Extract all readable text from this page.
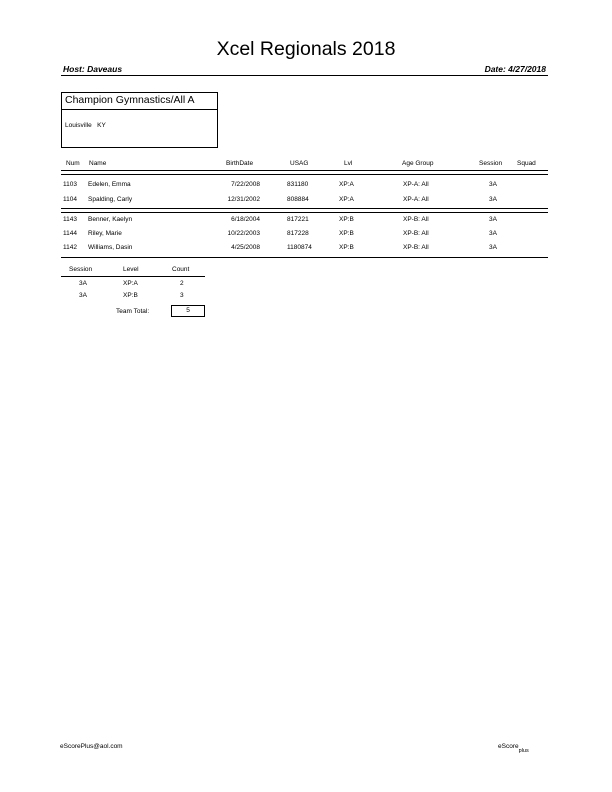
Xcel Regionals 2018
Host: Daveaus	Date: 4/27/2018
Champion Gymnastics/All A
Louisville KY
Num Name	BirthDate	USAG	Lvl	Age Group	Session Squad
1103 Edelen, Emma	7/22/2008	831180	XP:A	XP-A: All	3A
1104 Spalding, Carly	12/31/2002	808884	XP:A	XP-A: All	3A
1143 Benner, Kaelyn	6/18/2004	817221	XP:B	XP-B: All	3A
1144 Riley, Marie	10/22/2003	817228	XP:B	XP-B: All	3A
1142 Williams, Dasin	4/25/2008	1180874	XP:B	XP-B: All	3A
Session	Level	Count
3A	XP:A	2
3A	XP:B	3
Team Total:	5
eScorePlus@aol.com	eScore$_{plus}$
